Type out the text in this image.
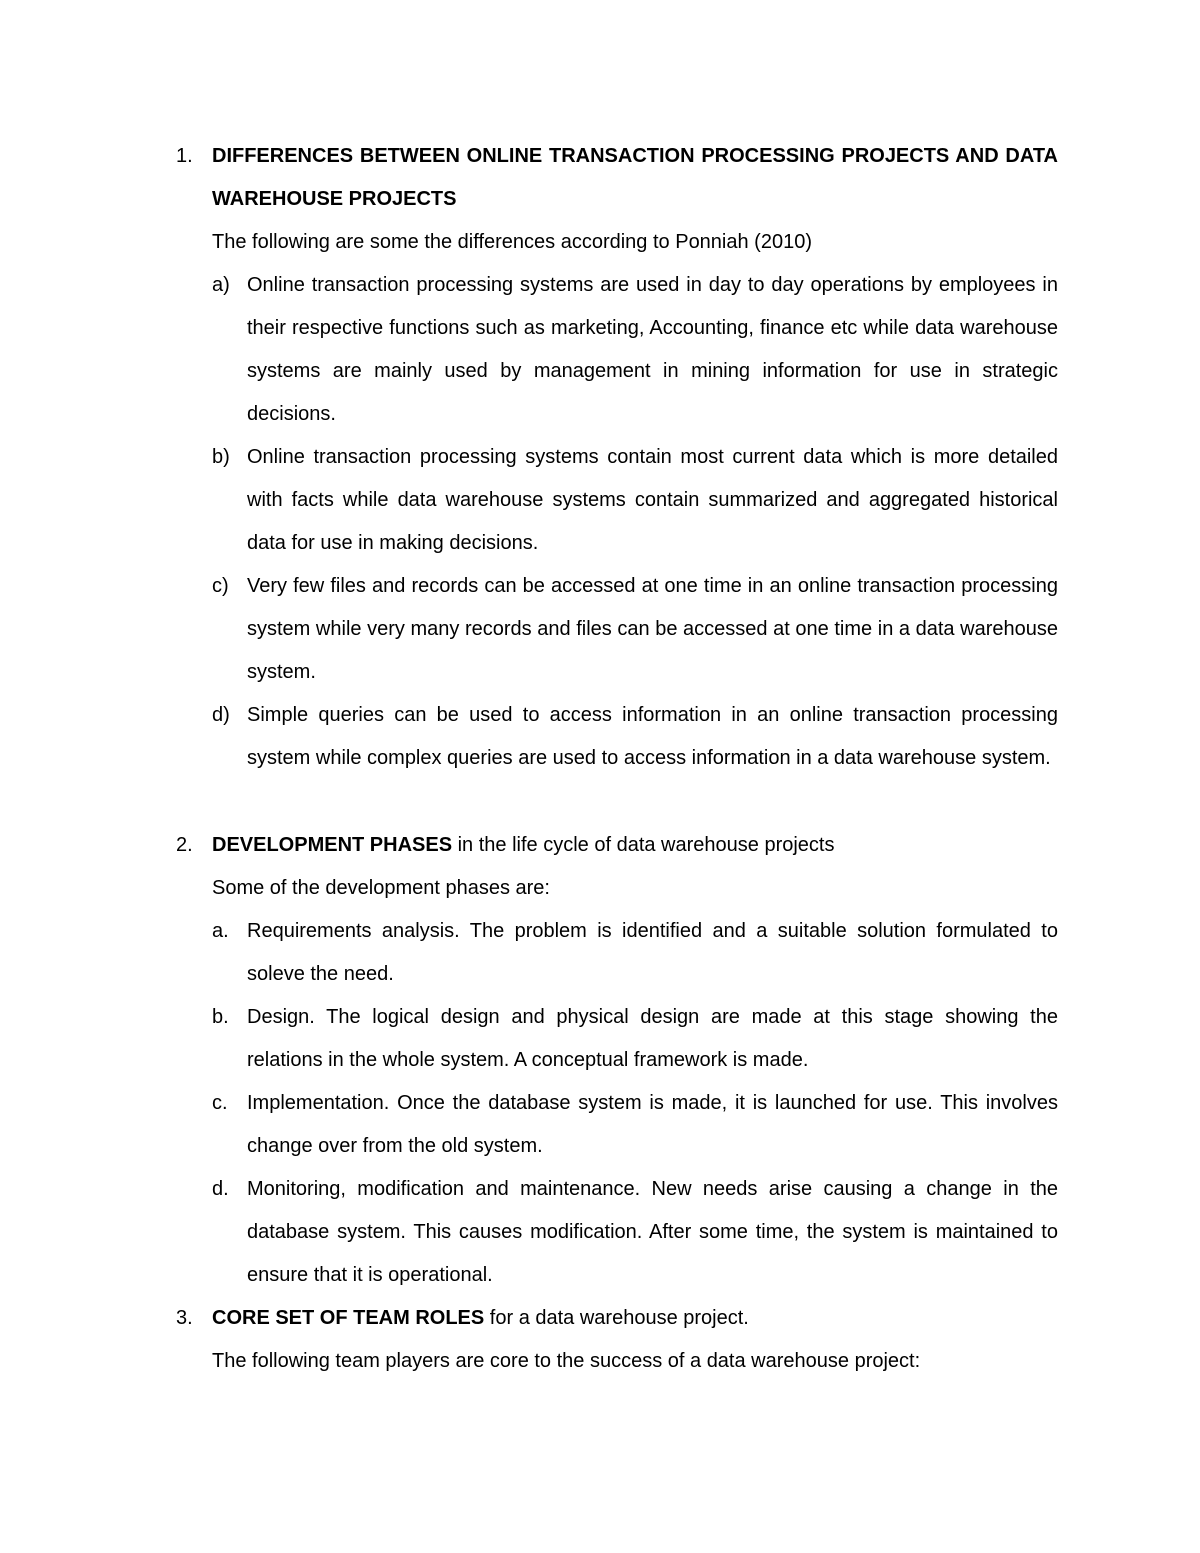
1. DIFFERENCES BETWEEN ONLINE TRANSACTION PROCESSING PROJECTS AND DATA WAREHOUSE PROJECTS
The following are some the differences according to Ponniah (2010)
a) Online transaction processing systems are used in day to day operations by employees in their respective functions such as marketing, Accounting, finance etc while data warehouse systems are mainly used by management in mining information for use in strategic decisions.
b) Online transaction processing systems contain most current data which is more detailed with facts while data warehouse systems contain summarized and aggregated historical data for use in making decisions.
c) Very few files and records can be accessed at one time in an online transaction processing system while very many records and files can be accessed at one time in a data warehouse system.
d) Simple queries can be used to access information in an online transaction processing system while complex queries are used to access information in a data warehouse system.
2. DEVELOPMENT PHASES in the life cycle of data warehouse projects
Some of the development phases are:
a. Requirements analysis. The problem is identified and a suitable solution formulated to soleve the need.
b. Design. The logical design and physical design are made at this stage showing the relations in the whole system. A conceptual framework is made.
c. Implementation. Once the database system is made, it is launched for use. This involves change over from the old system.
d. Monitoring, modification and maintenance. New needs arise causing a change in the database system. This causes modification. After some time, the system is maintained to ensure that it is operational.
3. CORE SET OF TEAM ROLES for a data warehouse project.
The following team players are core to the success of a data warehouse project:
